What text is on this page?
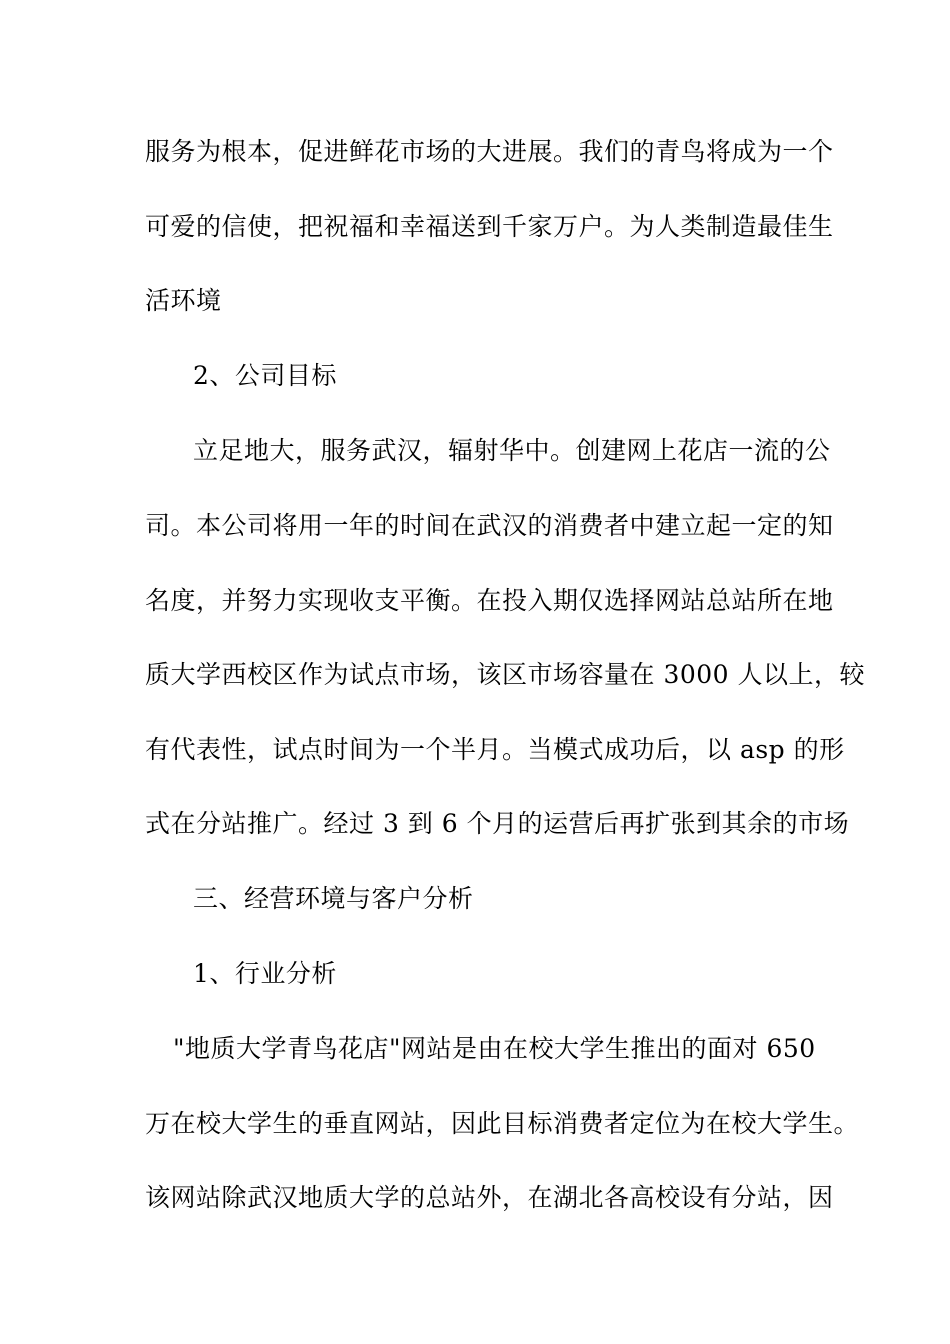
服务为根本，促进鲜花市场的大进展。我们的青鸟将成为一个
可爱的信使，把祝福和幸福送到千家万户。为人类制造最佳生
活环境
2、公司目标
立足地大，服务武汉，辐射华中。创建网上花店一流的公
司。本公司将用一年的时间在武汉的消费者中建立起一定的知
名度，并努力实现收支平衡。在投入期仅选择网站总站所在地
质大学西校区作为试点市场，该区市场容量在 3000 人以上，较
有代表性，试点时间为一个半月。当模式成功后，以 asp 的形
式在分站推广。经过 3 到 6 个月的运营后再扩张到其余的市场
三、经营环境与客户分析
1、行业分析
"地质大学青鸟花店"网站是由在校大学生推出的面对 650
万在校大学生的垂直网站，因此目标消费者定位为在校大学生。
该网站除武汉地质大学的总站外，在湖北各高校设有分站，因
